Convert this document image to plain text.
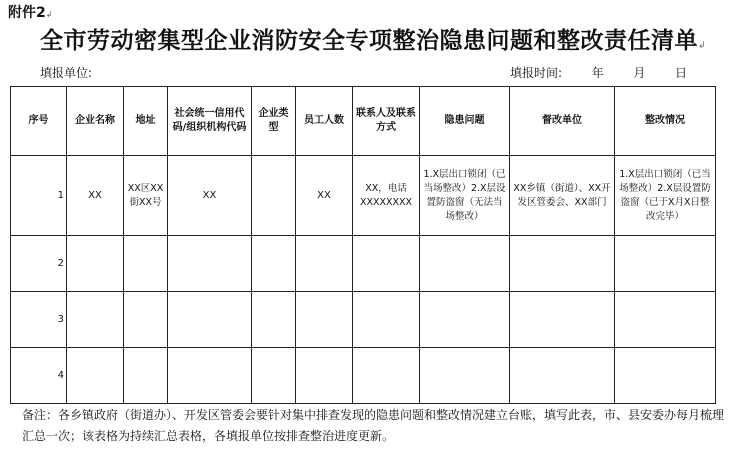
附件2↲
全市劳动密集型企业消防安全专项整治隐患问题和整改责任清单↲
填报单位:	填报时间: 年 月 日
序号	企业名称	地址	社会统一信用代码/组织机构代码	企业类型	员工人数	联系人及联系方式	隐患问题	督改单位	整改情况
1	XX	XX区XX街XX号	XX		XX	XX，电话XXXXXXXX	1.X层出口锁闭（已当场整改）2.X层设置防盗窗（无法当场整改）	XX乡镇（街道）、XX开发区管委会、XX部门	1.X层出口锁闭（已当场整改）2.X层设置防盗窗（已于X月X日整改完毕）
2									
3									
4									
备注：各乡镇政府（街道办）、开发区管委会要针对集中排查发现的隐患问题和整改情况建立台账，填写此表，市、县安委办每月梳理汇总一次；该表格为持续汇总表格，各填报单位按排查整治进度更新。
